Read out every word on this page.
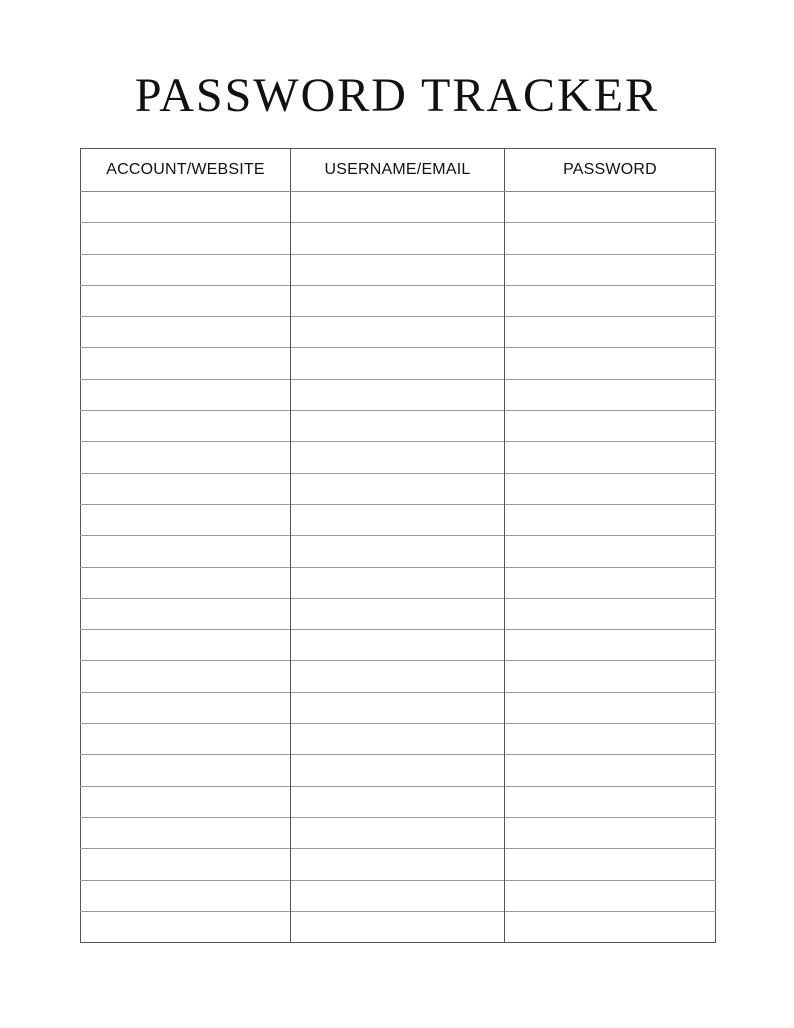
PASSWORD TRACKER
ACCOUNT/WEBSITE	USERNAME/EMAIL	PASSWORD
